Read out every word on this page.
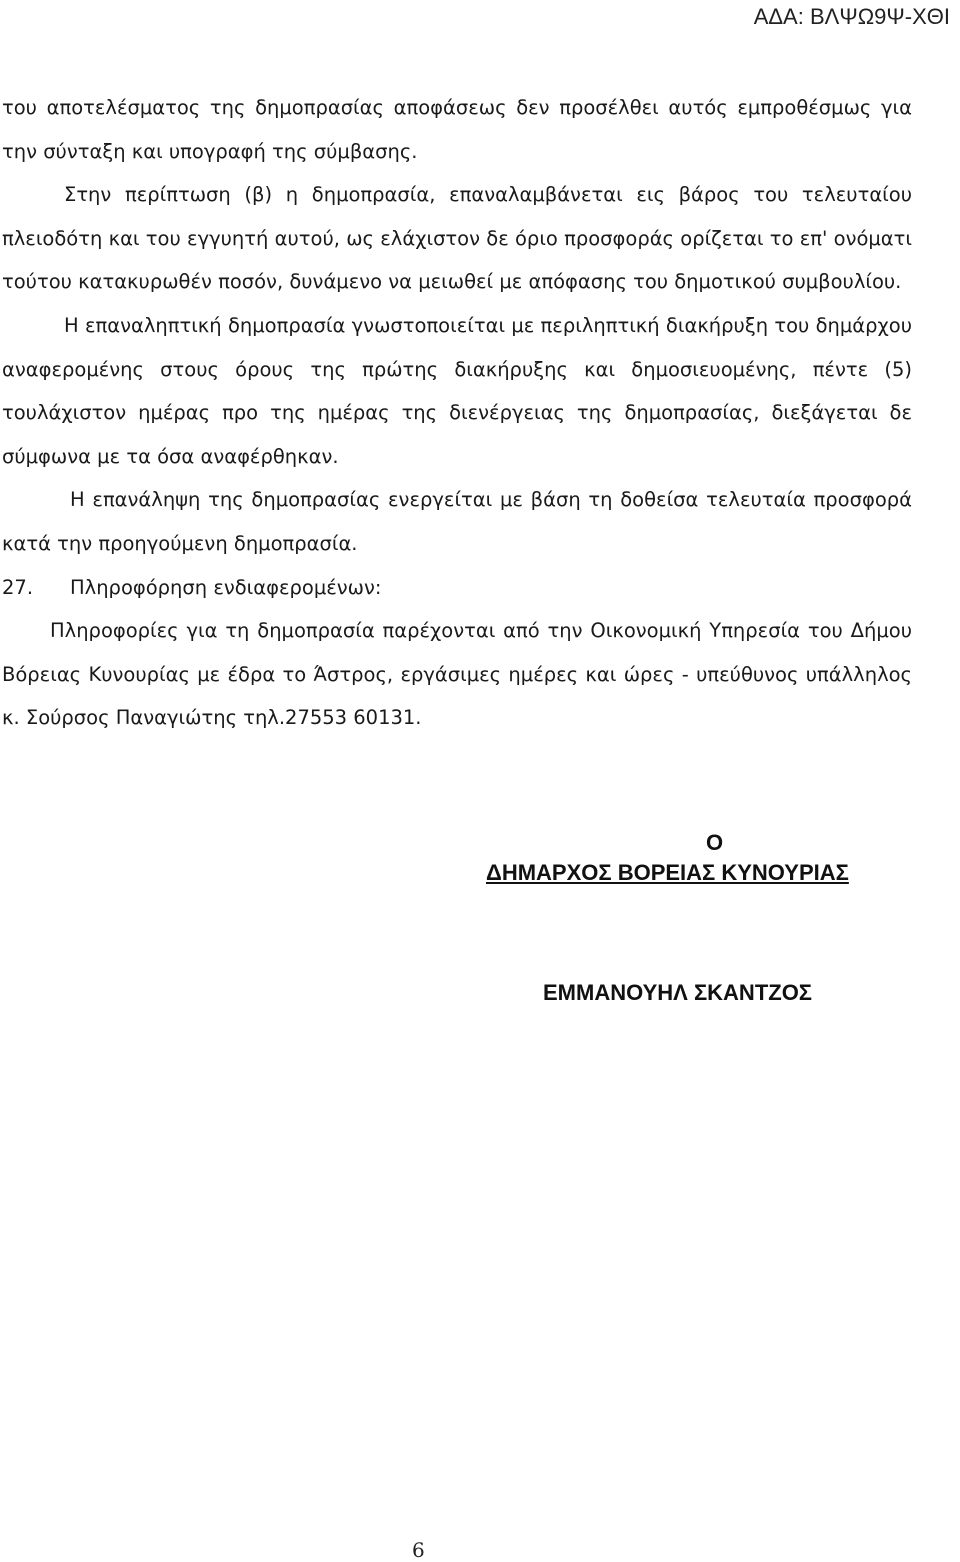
ΑΔΑ: ΒΛΨΩ9Ψ-ΧΘΙ

του αποτελέσματος της δημοπρασίας αποφάσεως δεν προσέλθει αυτός εμπροθέσμως για την σύνταξη και υπογραφή της σύμβασης.

Στην περίπτωση (β) η δημοπρασία, επαναλαμβάνεται εις βάρος του τελευταίου πλειοδότη και του εγγυητή αυτού, ως ελάχιστον δε όριο προσφοράς ορίζεται το επ' ονόματι τούτου κατακυρωθέν ποσόν, δυνάμενο να μειωθεί με απόφασης του δημοτικού συμβουλίου.

Η επαναληπτική δημοπρασία γνωστοποιείται με περιληπτική διακήρυξη του δημάρχου αναφερομένης στους όρους της πρώτης διακήρυξης και δημοσιευομένης, πέντε (5) τουλάχιστον ημέρας προ της ημέρας της διενέργειας της δημοπρασίας, διεξάγεται δε σύμφωνα με τα όσα αναφέρθηκαν.

Η επανάληψη της δημοπρασίας ενεργείται με βάση τη δοθείσα τελευταία προσφορά κατά την προηγούμενη δημοπρασία.

27. Πληροφόρηση ενδιαφερομένων:

Πληροφορίες για τη δημοπρασία παρέχονται από την Οικονομική Υπηρεσία του Δήμου Βόρειας Κυνουρίας με έδρα το Άστρος, εργάσιμες ημέρες και ώρες - υπεύθυνος υπάλληλος κ. Σούρσος Παναγιώτης τηλ.27553 60131.

Ο
ΔΗΜΑΡΧΟΣ ΒΟΡΕΙΑΣ ΚΥΝΟΥΡΙΑΣ
ΕΜΜΑΝΟΥΗΛ ΣΚΑΝΤΖΟΣ
6
